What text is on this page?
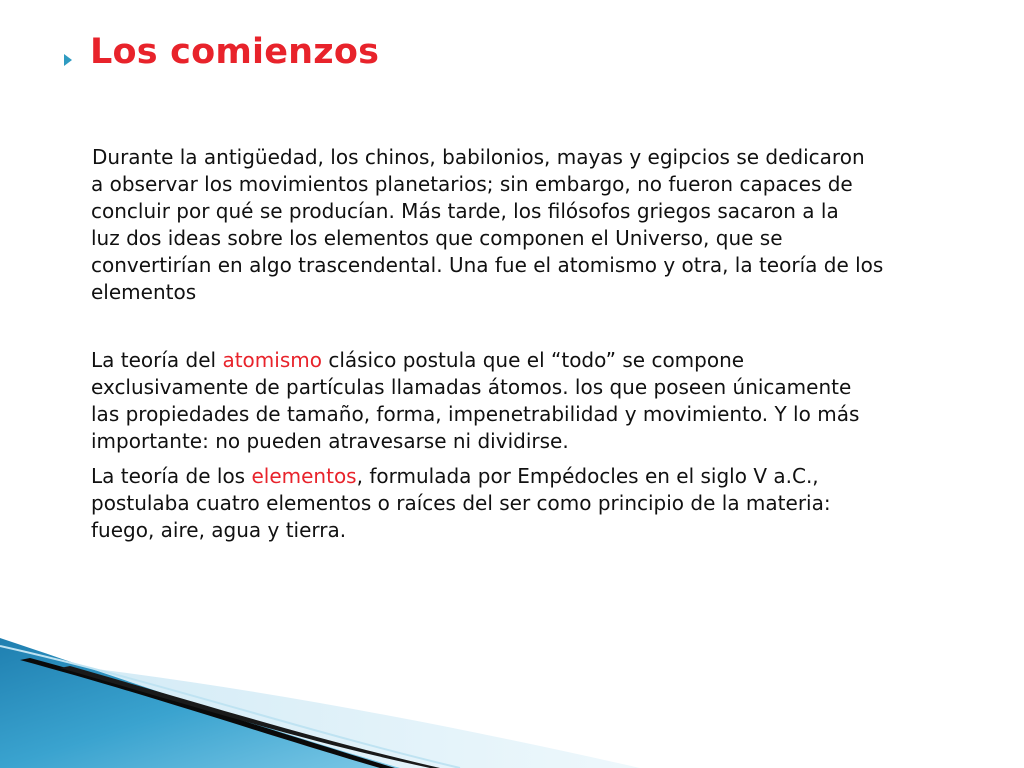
Los comienzos
Durante la antigüedad, los chinos, babilonios, mayas y egipcios se dedicaron
a observar los movimientos planetarios; sin embargo, no fueron capaces de
concluir por qué se producían. Más tarde, los filósofos griegos sacaron a la
luz dos ideas sobre los elementos que componen el Universo, que se
convertirían en algo trascendental. Una fue el atomismo y otra, la teoría de los
elementos
La teoría del atomismo clásico postula que el “todo” se compone
exclusivamente de partículas llamadas átomos. los que poseen únicamente
las propiedades de tamaño, forma, impenetrabilidad y movimiento. Y lo más
importante: no pueden atravesarse ni dividirse.
La teoría de los elementos, formulada por Empédocles en el siglo V a.C.,
postulaba cuatro elementos o raíces del ser como principio de la materia:
fuego, aire, agua y tierra.
